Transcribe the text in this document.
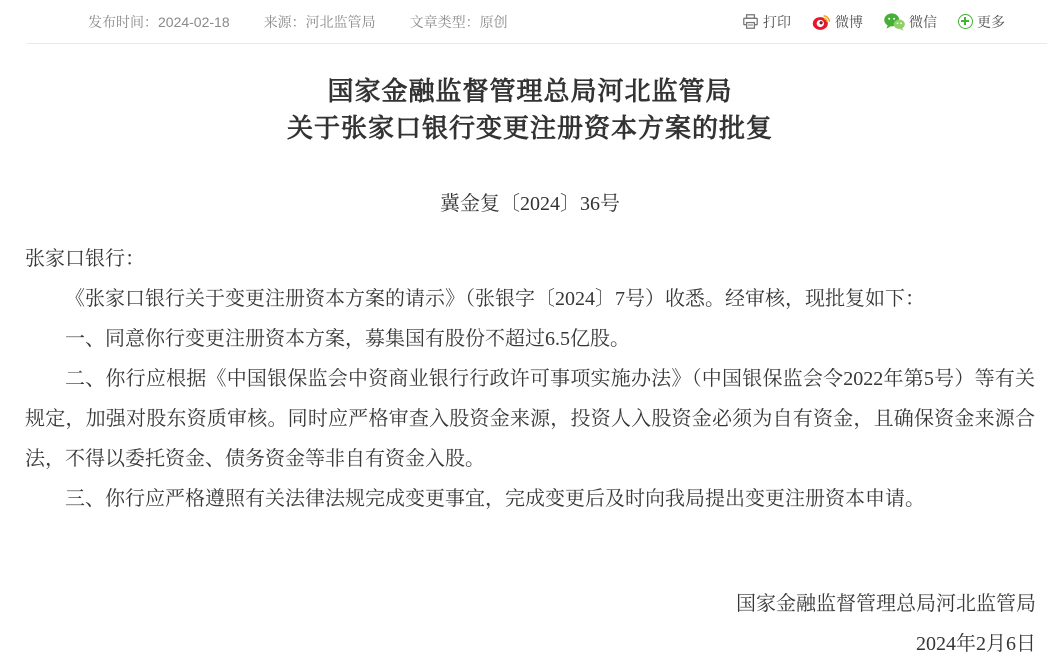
发布时间：2024-02-18 来源：河北监管局 文章类型：原创	打印	微博	微信	更多
国家金融监督管理总局河北监管局
关于张家口银行变更注册资本方案的批复
冀金复〔2024〕36号

张家口银行：

《张家口银行关于变更注册资本方案的请示》（张银字〔2024〕7号）收悉。经审核，现批复如下：

一、同意你行变更注册资本方案，募集国有股份不超过6.5亿股。

二、你行应根据《中国银保监会中资商业银行行政许可事项实施办法》（中国银保监会令2022年第5号）等有关规定，加强对股东资质审核。同时应严格审查入股资金来源，投资人入股资金必须为自有资金，且确保资金来源合法，不得以委托资金、债务资金等非自有资金入股。

三、你行应严格遵照有关法律法规完成变更事宜，完成变更后及时向我局提出变更注册资本申请。

国家金融监督管理总局河北监管局
2024年2月6日
